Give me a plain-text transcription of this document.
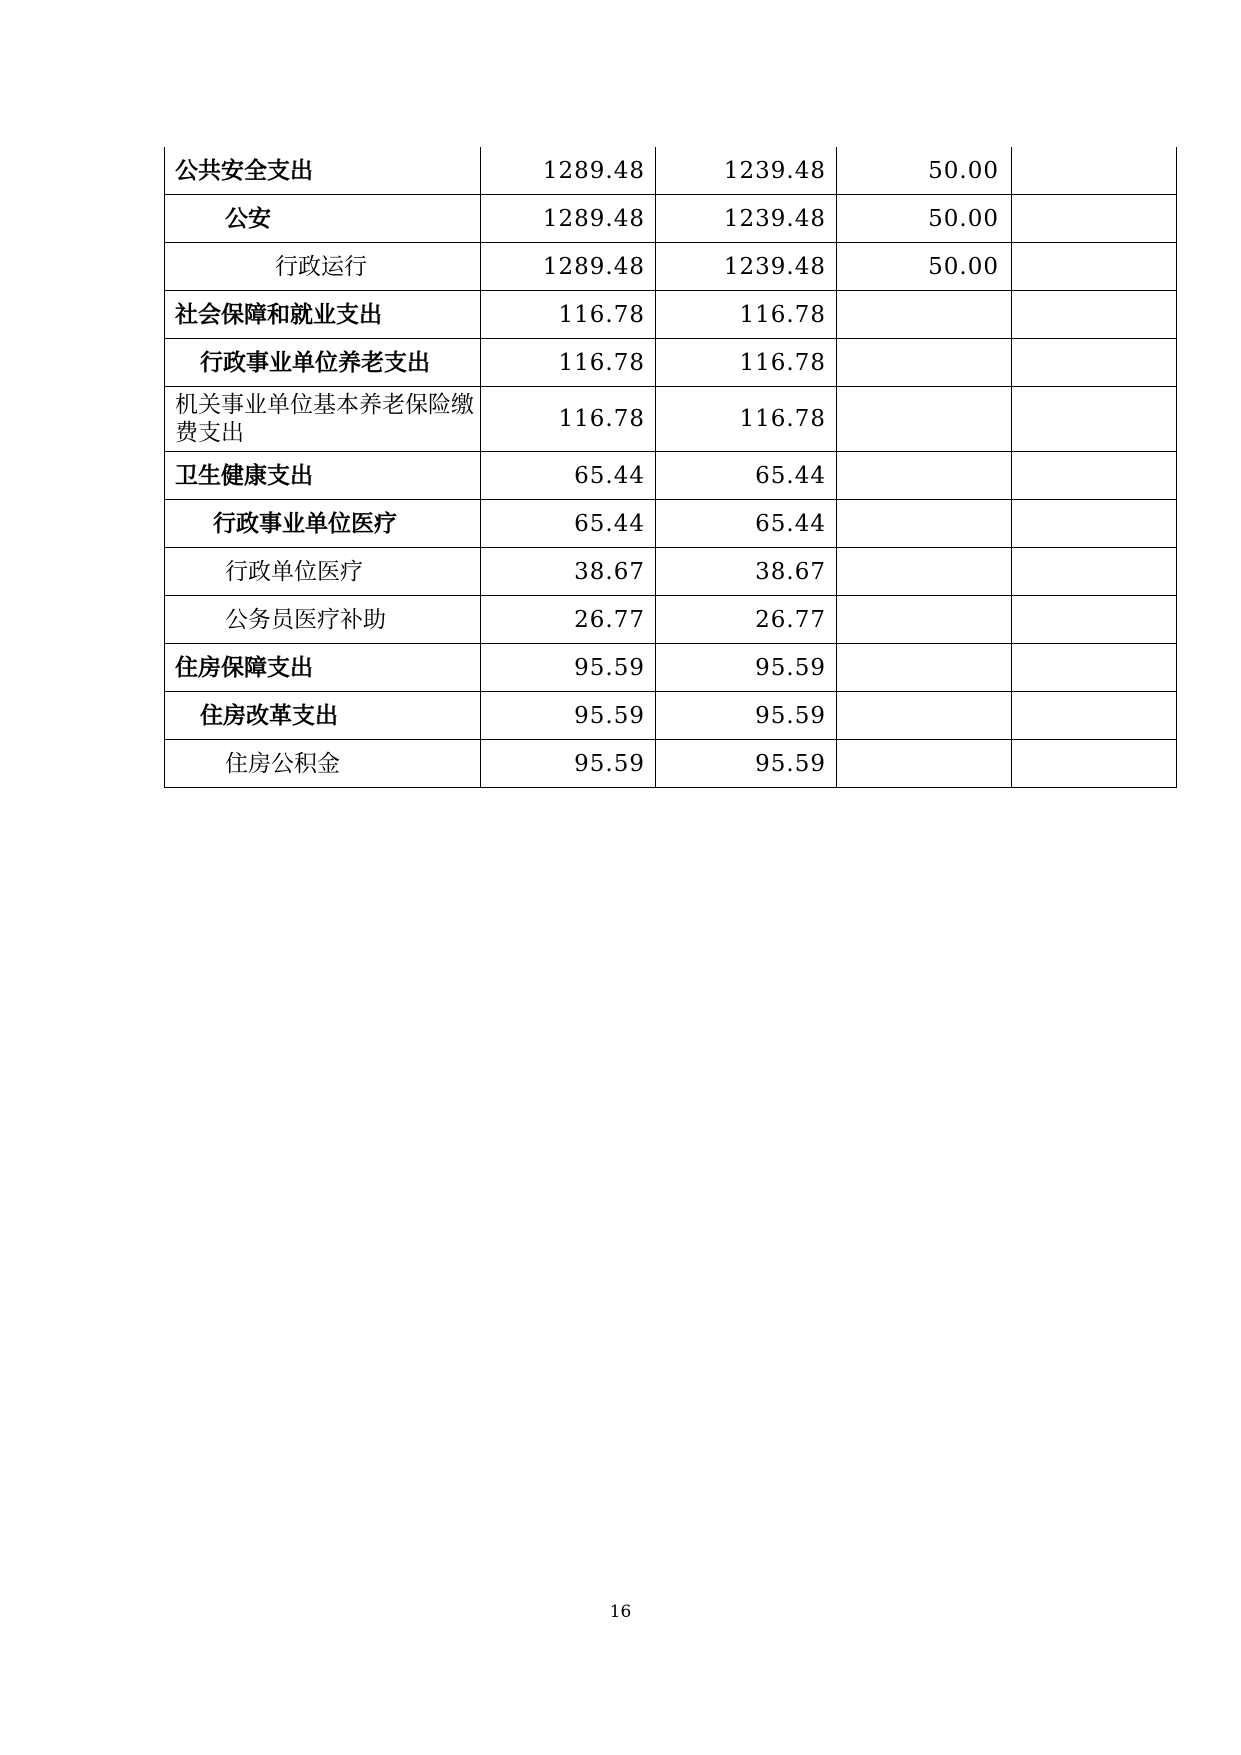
公共安全支出	1289.48	1239.48	50.00	
公安	1289.48	1239.48	50.00	
行政运行	1289.48	1239.48	50.00	
社会保障和就业支出	116.78	116.78		
行政事业单位养老支出	116.78	116.78		
机关事业单位基本养老保险缴费支出	116.78	116.78		
卫生健康支出	65.44	65.44		
行政事业单位医疗	65.44	65.44		
行政单位医疗	38.67	38.67		
公务员医疗补助	26.77	26.77		
住房保障支出	95.59	95.59		
住房改革支出	95.59	95.59		
住房公积金	95.59	95.59		
16
